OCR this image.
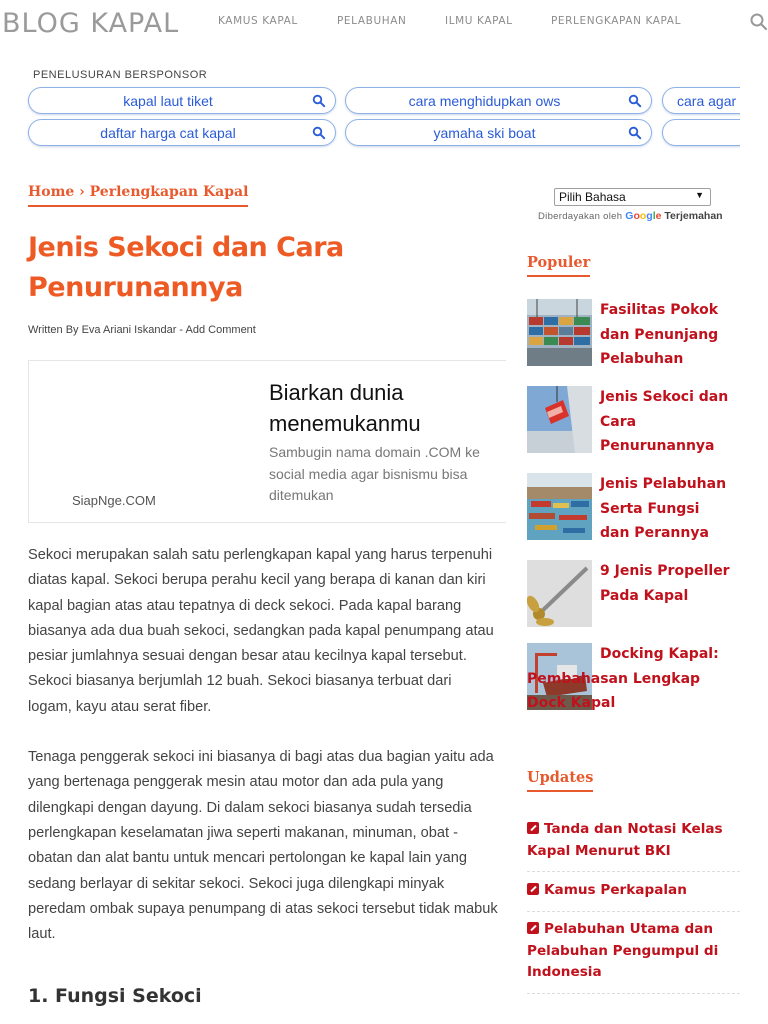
BLOG KAPAL	KAMUS KAPAL	PELABUHAN	ILMU KAPAL	PERLENGKAPAN KAPAL
PENELUSURAN BERSPONSOR
kapal laut tiket	cara menghidupkan ows	cara agar
daftar harga cat kapal	yamaha ski boat
Home › Perlengkapan Kapal
Jenis Sekoci dan Cara Penurunannya
Written By Eva Ariani Iskandar - Add Comment
SiapNge.COM
Biarkan dunia menemukanmu
Sambugin nama domain .COM ke social media agar bisnismu bisa ditemukan

Sekoci merupakan salah satu perlengkapan kapal yang harus terpenuhi diatas kapal. Sekoci berupa perahu kecil yang berapa di kanan dan kiri kapal bagian atas atau tepatnya di deck sekoci. Pada kapal barang biasanya ada dua buah sekoci, sedangkan pada kapal penumpang atau pesiar jumlahnya sesuai dengan besar atau kecilnya kapal tersebut. Sekoci biasanya berjumlah 12 buah. Sekoci biasanya terbuat dari logam, kayu atau serat fiber.

Tenaga penggerak sekoci ini biasanya di bagi atas dua bagian yaitu ada yang bertenaga penggerak mesin atau motor dan ada pula yang dilengkapi dengan dayung. Di dalam sekoci biasanya sudah tersedia perlengkapan keselamatan jiwa seperti makanan, minuman, obat - obatan dan alat bantu untuk mencari pertolongan ke kapal lain yang sedang berlayar di sekitar sekoci. Sekoci juga dilengkapi minyak peredam ombak supaya penumpang di atas sekoci tersebut tidak mabuk laut.

1. Fungsi Sekoci
Pilih Bahasa	▼
Diberdayakan oleh Google Terjemahan
Populer
Fasilitas Pokok dan Penunjang Pelabuhan
Jenis Sekoci dan Cara Penurunannya
Jenis Pelabuhan Serta Fungsi dan Perannya
9 Jenis Propeller Pada Kapal
Docking Kapal: Pembahasan Lengkap Dock Kapal
Updates
Tanda dan Notasi Kelas Kapal Menurut BKI
Kamus Perkapalan
Pelabuhan Utama dan Pelabuhan Pengumpul di Indonesia
